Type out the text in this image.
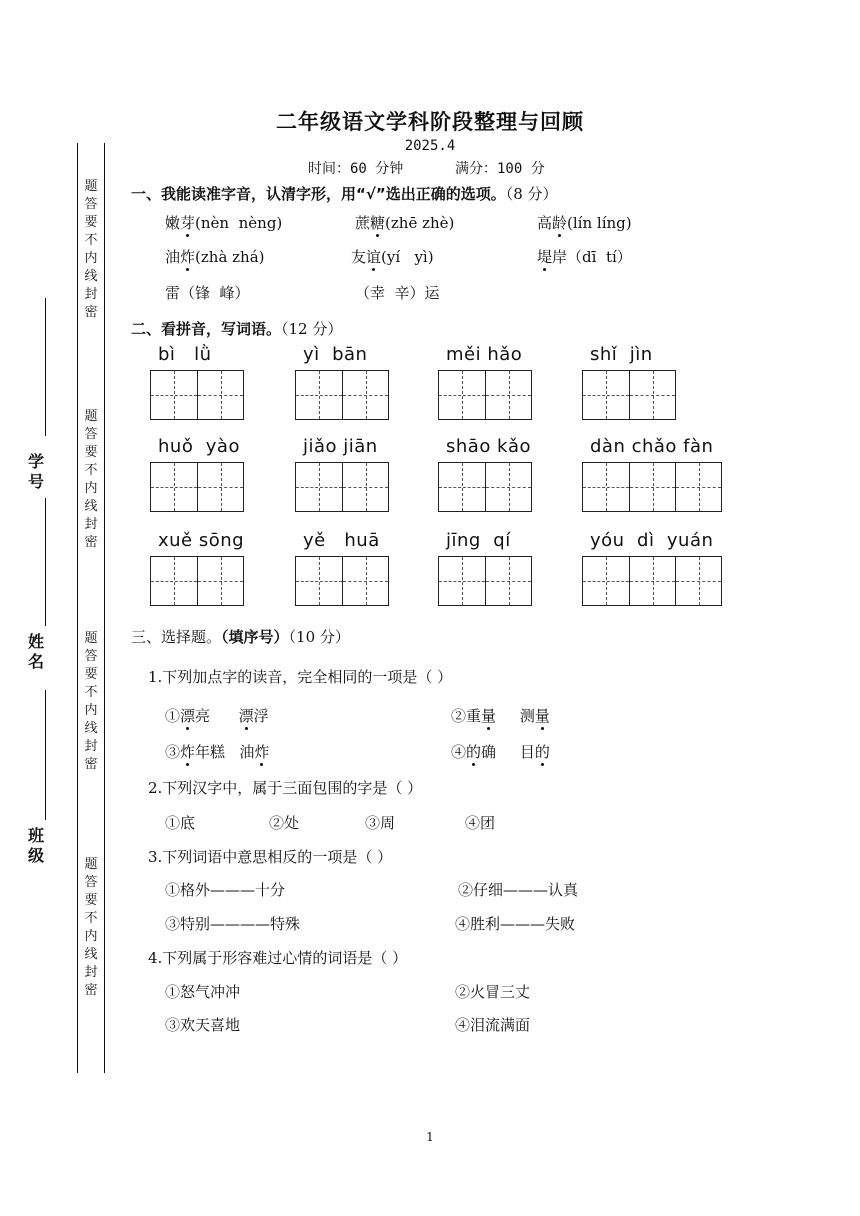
二年级语文学科阶段整理与回顾
2025.4
时间：60 分钟	满分：100 分
题
答
要
不
内
线
封
密
题
答
要
不
内
线
封
密
题
答
要
不
内
线
封
密
题
答
要
不
内
线
封
密
学号
姓名
班级
一、我能读准字音，认清字形，用“√”选出正确的选项。（8 分）
嫩芽(nèn  nèng)	蔗糖(zhē zhè)	高龄(lín líng)
油炸(zhà zhá)	友谊(yí   yì)	堤岸（dī  tí）
雷（锋  峰）	（幸  辛）运
二、看拼音，写词语。（12 分）
bì   lǜ	yì  bān	měi hǎo	shǐ  jìn
huǒ  yào	jiǎo jiān	shāo kǎo	dàn chǎo fàn
xuě sōng	yě   huā	jīng  qí	yóu  dì  yuán
三、选择题。（填序号）（10 分）
1.下列加点字的读音，完全相同的一项是（ ）
①漂亮      漂浮	②重量     测量
③炸年糕   油炸	④的确     目的
2.下列汉字中，属于三面包围的字是（ ）
①底	②处	③周	④团
3.下列词语中意思相反的一项是（ ）
①格外———十分	②仔细———认真
③特别————特殊	④胜利———失败
4.下列属于形容难过心情的词语是（ ）
①怒气冲冲	②火冒三丈
③欢天喜地	④泪流满面
1
